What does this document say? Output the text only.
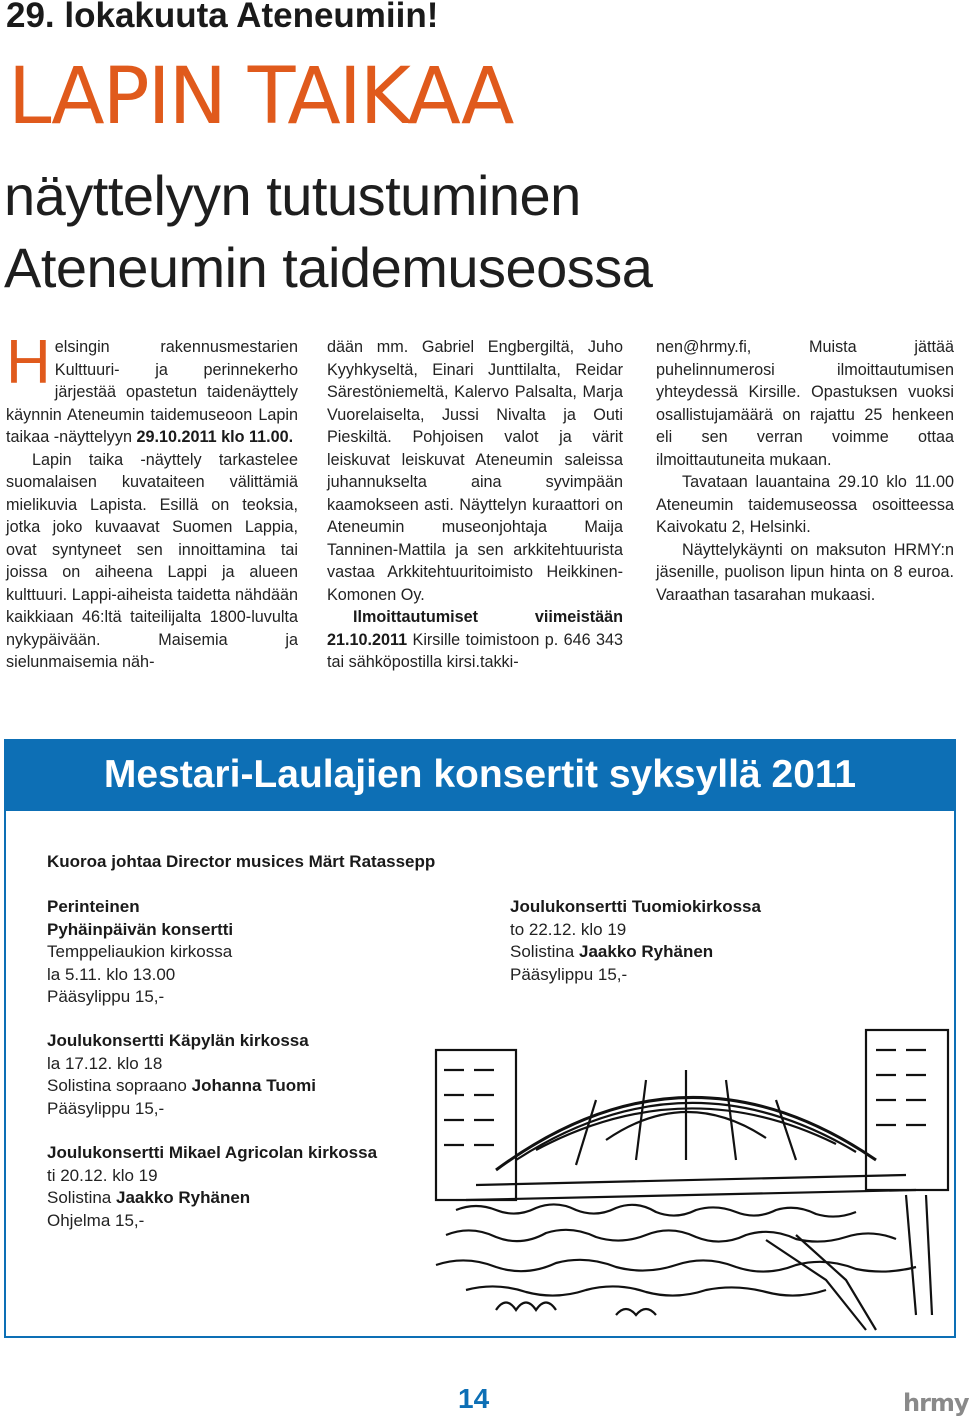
29. lokakuuta Ateneumiin!
LAPIN TAIKAA
näyttelyyn tutustuminen
Ateneumin taidemuseossa

Helsingin rakennusmestarien Kulttuuri- ja perinnekerho järjestää opastetun taidenäyttely käynnin Ateneumin taidemuseoon Lapin taikaa -näyttelyyn 29.10.2011 klo 11.00.

Lapin taika -näyttely tarkastelee suomalaisen kuvataiteen välittämiä mielikuvia Lapista. Esillä on teoksia, jotka joko kuvaavat Suomen Lappia, ovat syntyneet sen innoittamina tai joissa on aiheena Lappi ja alueen kulttuuri. Lappi-aiheista taidetta nähdään kaikkiaan 46:ltä taiteilijalta 1800-luvulta nykypäivään. Maisemia ja sielunmaisemia näh-

dään mm. Gabriel Engbergiltä, Juho Kyyhkyseltä, Einari Junttilalta, Reidar Särestöniemeltä, Kalervo Palsalta, Marja Vuorelaiselta, Jussi Nivalta ja Outi Pieskiltä. Pohjoisen valot ja värit leiskuvat leiskuvat Ateneumin saleissa juhannukselta aina syvimpään kaamokseen asti. Näyttelyn kuraattori on Ateneumin museonjohtaja Maija Tanninen-Mattila ja sen arkkitehtuurista vastaa Arkkitehtuuritoimisto Heikkinen-Komonen Oy.

Ilmoittautumiset viimeistään 21.10.2011 Kirsille toimistoon p. 646 343 tai sähköpostilla kirsi.takki-

nen@hrmy.fi, Muista jättää puhelinnumerosi ilmoittautumisen yhteydessä Kirsille. Opastuksen vuoksi osallistujamäärä on rajattu 25 henkeen eli sen verran voimme ottaa ilmoittautuneita mukaan.

Tavataan lauantaina 29.10 klo 11.00 Ateneumin taidemuseossa osoitteessa Kaivokatu 2, Helsinki.

Näyttelykäynti on maksuton HRMY:n jäsenille, puolison lipun hinta on 8 euroa. Varaathan tasarahan mukaasi.

Mestari-Laulajien konsertit syksyllä 2011
Kuoroa johtaa Director musices Märt Ratassepp
Perinteinen
Pyhäinpäivän konsertti
Temppeliaukion kirkossa
la 5.11. klo 13.00
Pääsylippu 15,-
Joulukonsertti Tuomiokirkossa
to 22.12. klo 19
Solistina Jaakko Ryhänen
Pääsylippu 15,-
Joulukonsertti Käpylän kirkossa
la 17.12. klo 18
Solistina sopraano Johanna Tuomi
Pääsylippu 15,-
Joulukonsertti Mikael Agricolan kirkossa
ti 20.12. klo 19
Solistina Jaakko Ryhänen
Ohjelma 15,-
14	hrmy
